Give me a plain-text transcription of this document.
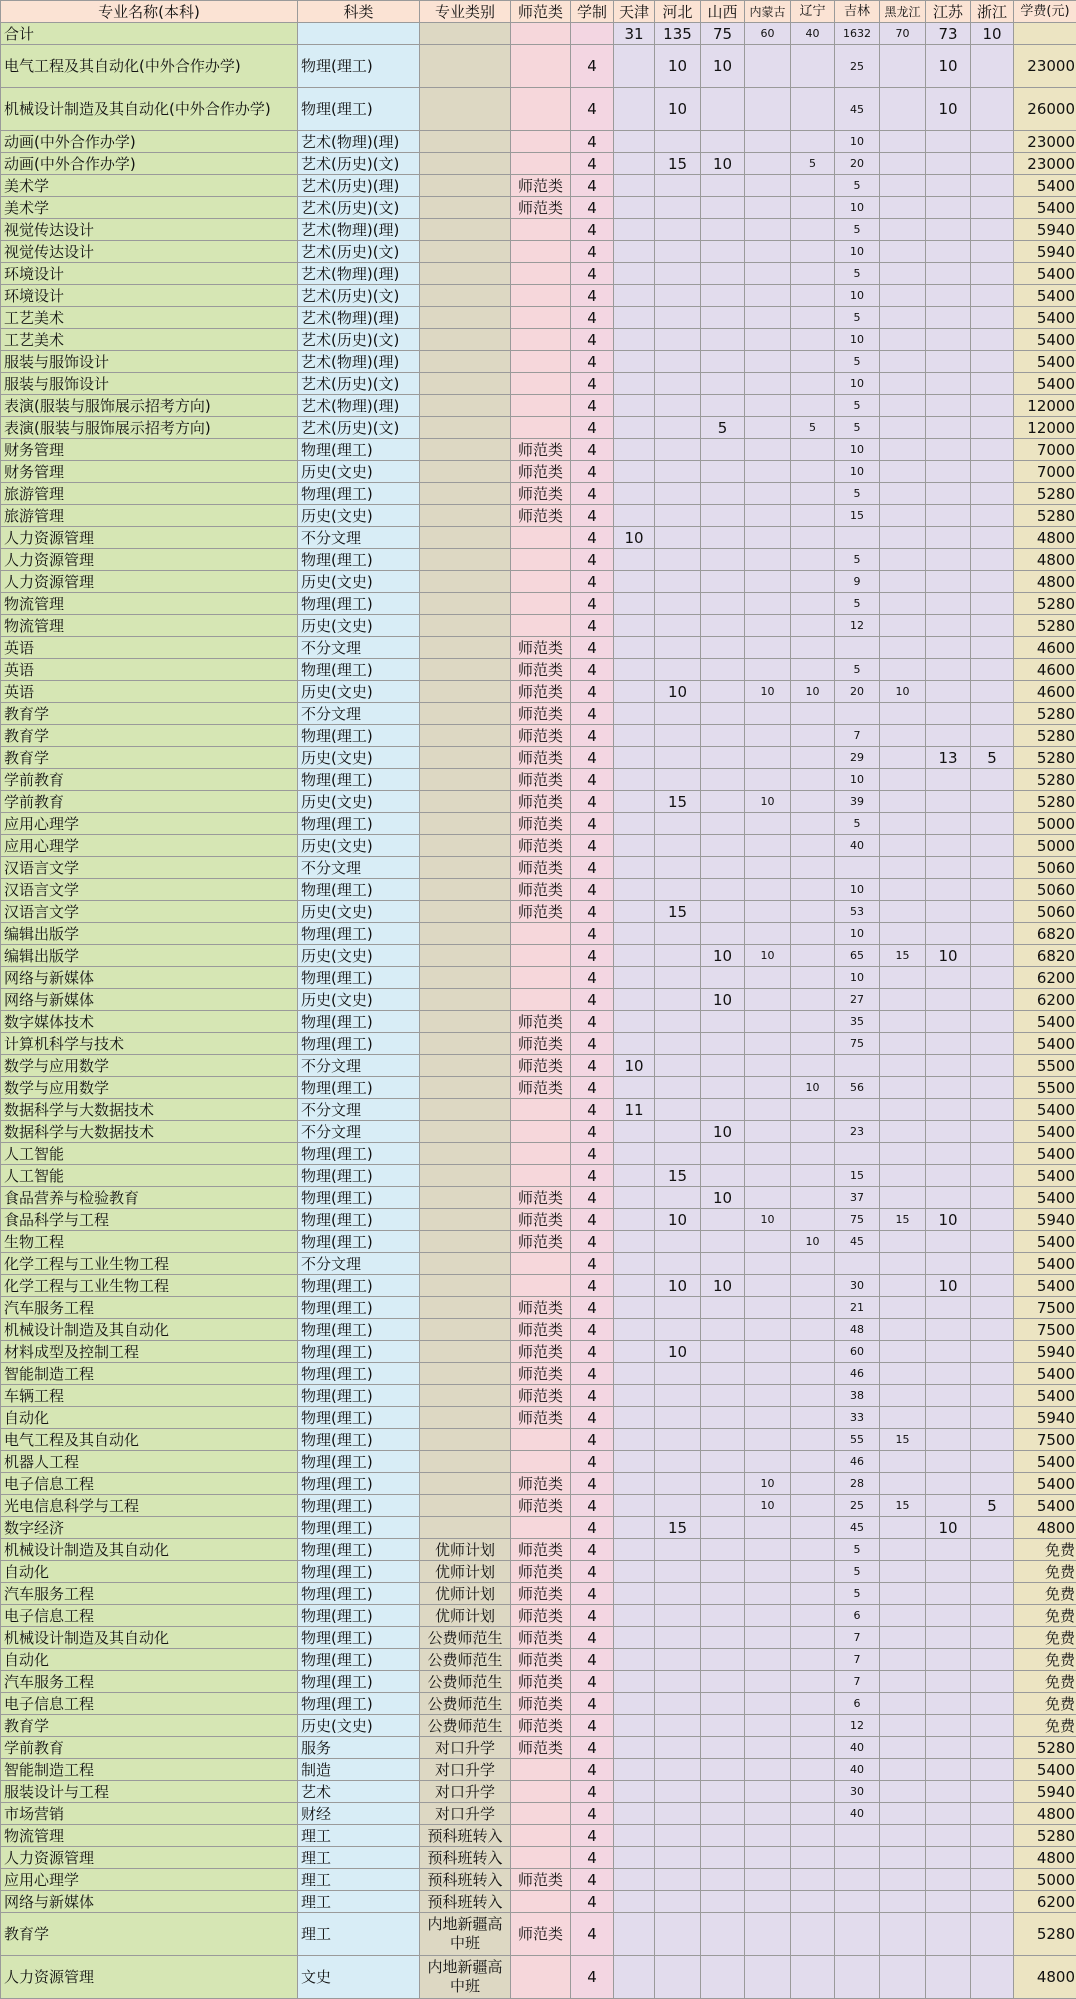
专业名称(本科)	科类	专业类别	师范类	学制	天津	河北	山西	内蒙古	辽宁	吉林	黑龙江	江苏	浙江	学费(元)
合计					31	135	75	60	40	1632	70	73	10	
电气工程及其自动化(中外合作办学)	物理(理工)			4		10	10			25		10		23000
机械设计制造及其自动化(中外合作办学)	物理(理工)			4		10				45		10		26000
动画(中外合作办学)	艺术(物理)(理)			4						10				23000
动画(中外合作办学)	艺术(历史)(文)			4		15	10		5	20				23000
美术学	艺术(历史)(理)		师范类	4						5				5400
美术学	艺术(历史)(文)		师范类	4						10				5400
视觉传达设计	艺术(物理)(理)			4						5				5940
视觉传达设计	艺术(历史)(文)			4						10				5940
环境设计	艺术(物理)(理)			4						5				5400
环境设计	艺术(历史)(文)			4						10				5400
工艺美术	艺术(物理)(理)			4						5				5400
工艺美术	艺术(历史)(文)			4						10				5400
服装与服饰设计	艺术(物理)(理)			4						5				5400
服装与服饰设计	艺术(历史)(文)			4						10				5400
表演(服装与服饰展示招考方向)	艺术(物理)(理)			4						5				12000
表演(服装与服饰展示招考方向)	艺术(历史)(文)			4			5		5	5				12000
财务管理	物理(理工)		师范类	4						10				7000
财务管理	历史(文史)		师范类	4						10				7000
旅游管理	物理(理工)		师范类	4						5				5280
旅游管理	历史(文史)		师范类	4						15				5280
人力资源管理	不分文理			4	10									4800
人力资源管理	物理(理工)			4						5				4800
人力资源管理	历史(文史)			4						9				4800
物流管理	物理(理工)			4						5				5280
物流管理	历史(文史)			4						12				5280
英语	不分文理		师范类	4										4600
英语	物理(理工)		师范类	4						5				4600
英语	历史(文史)		师范类	4		10		10	10	20	10			4600
教育学	不分文理		师范类	4										5280
教育学	物理(理工)		师范类	4						7				5280
教育学	历史(文史)		师范类	4						29		13	5	5280
学前教育	物理(理工)		师范类	4						10				5280
学前教育	历史(文史)		师范类	4		15		10		39				5280
应用心理学	物理(理工)		师范类	4						5				5000
应用心理学	历史(文史)		师范类	4						40				5000
汉语言文学	不分文理		师范类	4										5060
汉语言文学	物理(理工)		师范类	4						10				5060
汉语言文学	历史(文史)		师范类	4		15				53				5060
编辑出版学	物理(理工)			4						10				6820
编辑出版学	历史(文史)			4			10	10		65	15	10		6820
网络与新媒体	物理(理工)			4						10				6200
网络与新媒体	历史(文史)			4			10			27				6200
数字媒体技术	物理(理工)		师范类	4						35				5400
计算机科学与技术	物理(理工)		师范类	4						75				5400
数学与应用数学	不分文理		师范类	4	10									5500
数学与应用数学	物理(理工)		师范类	4					10	56				5500
数据科学与大数据技术	不分文理			4	11									5400
数据科学与大数据技术	不分文理			4			10			23				5400
人工智能	物理(理工)			4										5400
人工智能	物理(理工)			4		15				15				5400
食品营养与检验教育	物理(理工)		师范类	4			10			37				5400
食品科学与工程	物理(理工)		师范类	4		10		10		75	15	10		5940
生物工程	物理(理工)		师范类	4					10	45				5400
化学工程与工业生物工程	不分文理			4										5400
化学工程与工业生物工程	物理(理工)			4		10	10			30		10		5400
汽车服务工程	物理(理工)		师范类	4						21				7500
机械设计制造及其自动化	物理(理工)		师范类	4						48				7500
材料成型及控制工程	物理(理工)		师范类	4		10				60				5940
智能制造工程	物理(理工)		师范类	4						46				5400
车辆工程	物理(理工)		师范类	4						38				5400
自动化	物理(理工)		师范类	4						33				5940
电气工程及其自动化	物理(理工)			4						55	15			7500
机器人工程	物理(理工)			4						46				5400
电子信息工程	物理(理工)		师范类	4				10		28				5400
光电信息科学与工程	物理(理工)		师范类	4				10		25	15		5	5400
数字经济	物理(理工)			4		15				45		10		4800
机械设计制造及其自动化	物理(理工)	优师计划	师范类	4						5				免费
自动化	物理(理工)	优师计划	师范类	4						5				免费
汽车服务工程	物理(理工)	优师计划	师范类	4						5				免费
电子信息工程	物理(理工)	优师计划	师范类	4						6				免费
机械设计制造及其自动化	物理(理工)	公费师范生	师范类	4						7				免费
自动化	物理(理工)	公费师范生	师范类	4						7				免费
汽车服务工程	物理(理工)	公费师范生	师范类	4						7				免费
电子信息工程	物理(理工)	公费师范生	师范类	4						6				免费
教育学	历史(文史)	公费师范生	师范类	4						12				免费
学前教育	服务	对口升学	师范类	4						40				5280
智能制造工程	制造	对口升学		4						40				5400
服装设计与工程	艺术	对口升学		4						30				5940
市场营销	财经	对口升学		4						40				4800
物流管理	理工	预科班转入		4										5280
人力资源管理	理工	预科班转入		4										4800
应用心理学	理工	预科班转入	师范类	4										5000
网络与新媒体	理工	预科班转入		4										6200
教育学	理工	内地新疆高中班	师范类	4										5280
人力资源管理	文史	内地新疆高中班		4										4800
